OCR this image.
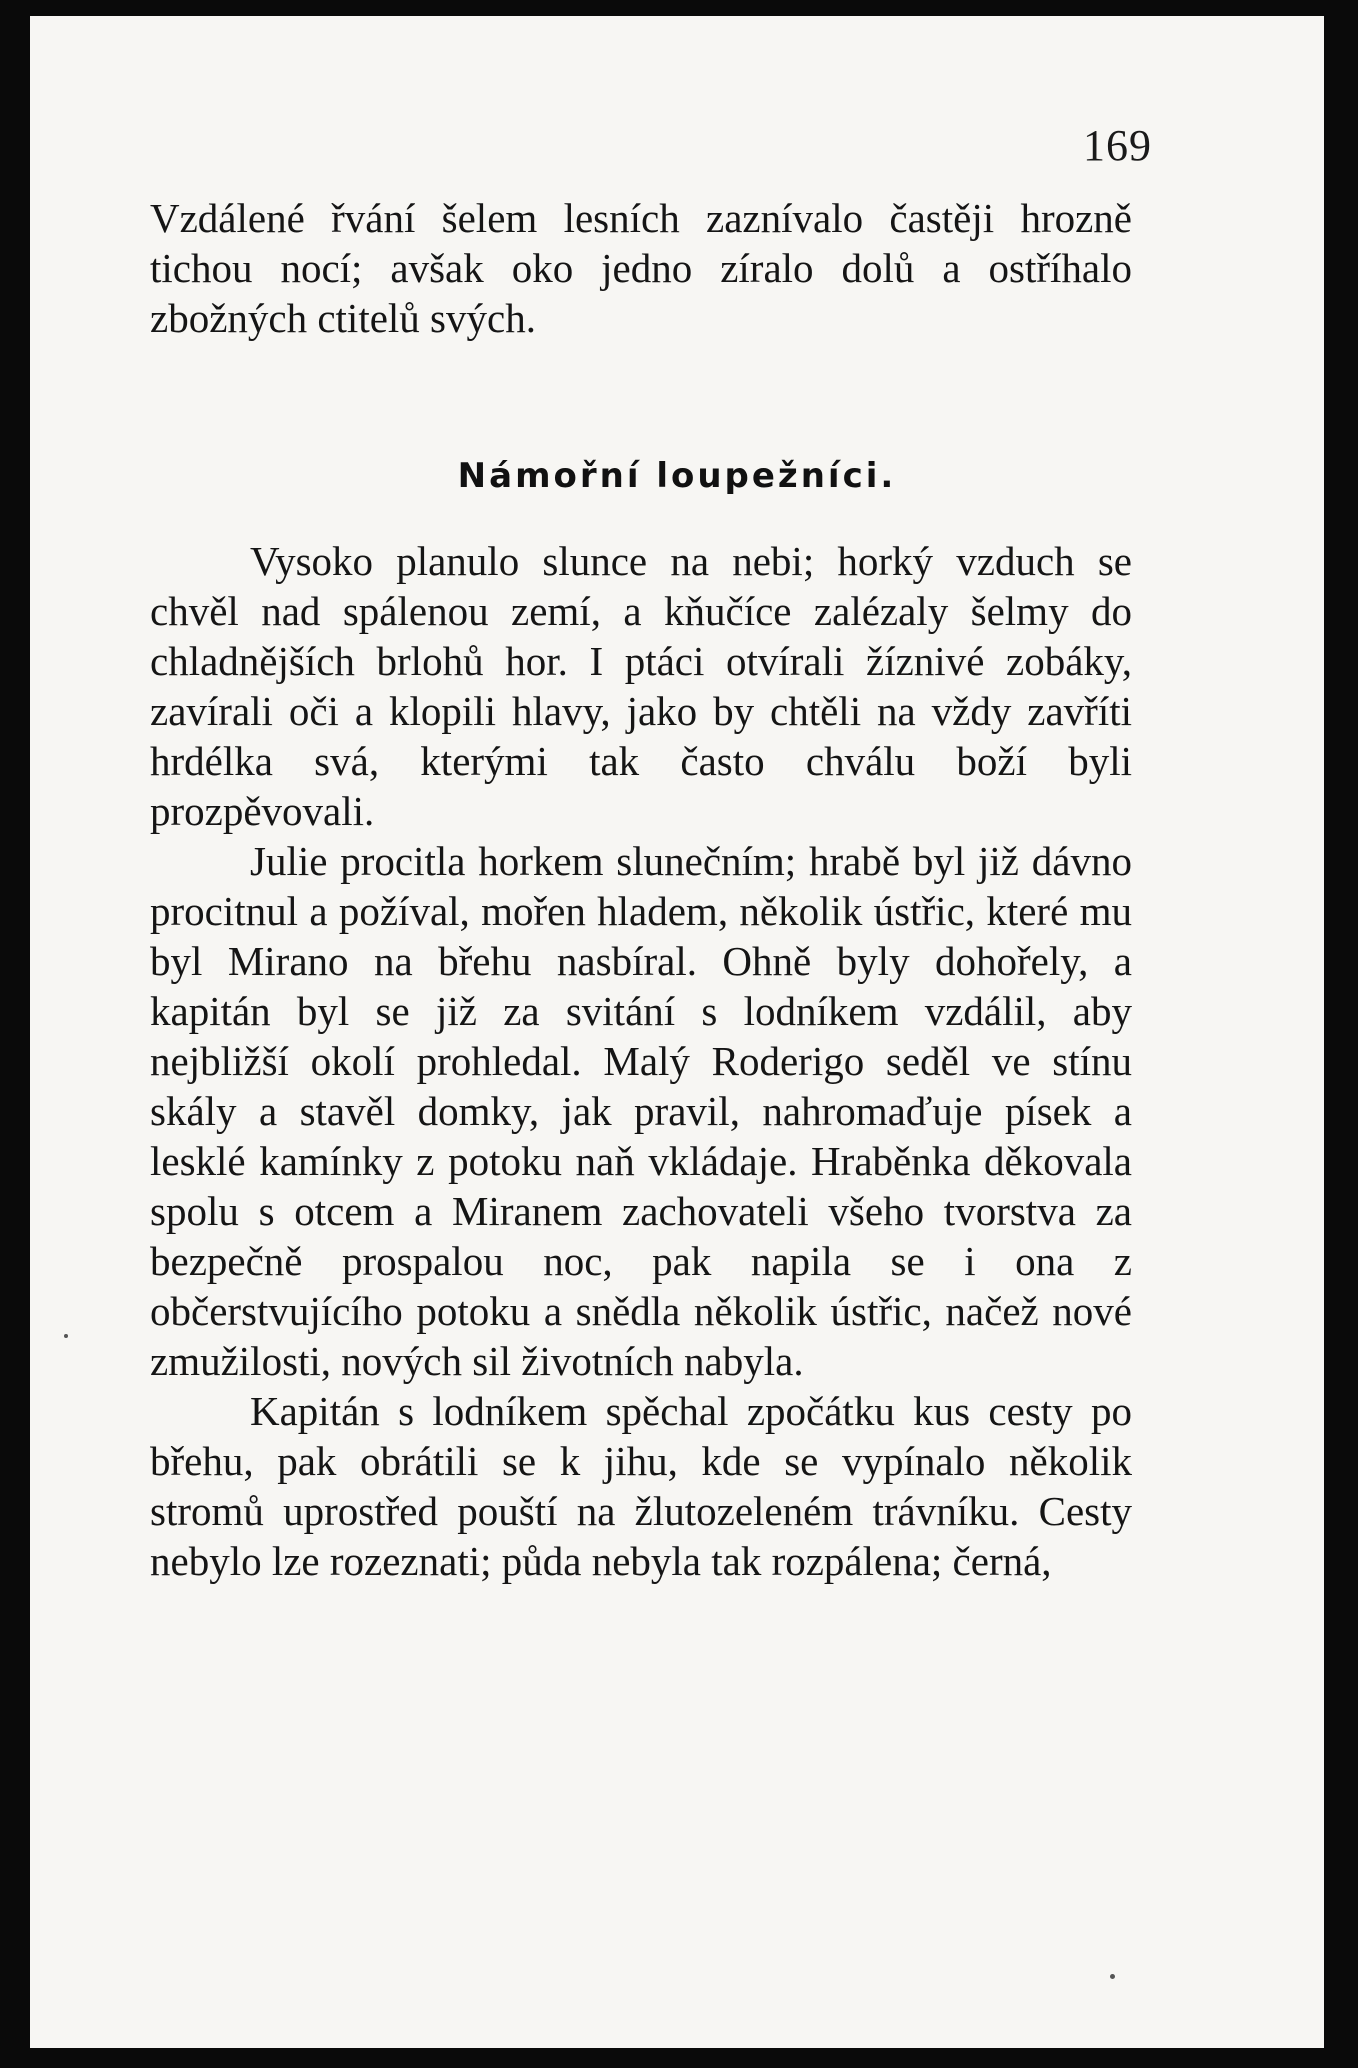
169

Vzdálené řvání šelem lesních zaznívalo častěji hrozně tichou nocí; avšak oko jedno zíralo dolů a ostříhalo zbožných ctitelů svých.

Námořní loupežníci.

Vysoko planulo slunce na nebi; horký vzduch se chvěl nad spálenou zemí, a kňučíce zalézaly šelmy do chladnějších brlohů hor. I ptáci otvírali žíznivé zobáky, zavírali oči a klopili hlavy, jako by chtěli na vždy zavříti hrdélka svá, kterými tak často chválu boží byli prozpěvovali.

Julie procitla horkem slunečním; hrabě byl již dávno procitnul a požíval, mořen hladem, několik ústřic, které mu byl Mirano na břehu nasbíral. Ohně byly dohořely, a kapitán byl se již za svitání s lodníkem vzdálil, aby nejbližší okolí prohledal. Malý Roderigo seděl ve stínu skály a stavěl domky, jak pravil, nahromaďuje písek a lesklé kamínky z potoku naň vkládaje. Hraběnka děkovala spolu s otcem a Miranem zachovateli všeho tvorstva za bezpečně prospalou noc, pak napila se i ona z občerstvujícího potoku a snědla několik ústřic, načež nové zmužilosti, nových sil životních nabyla.

Kapitán s lodníkem spěchal zpočátku kus cesty po břehu, pak obrátili se k jihu, kde se vypínalo několik stromů uprostřed pouští na žlutozeleném trávníku. Cesty nebylo lze rozeznati; půda nebyla tak rozpálena; černá,
